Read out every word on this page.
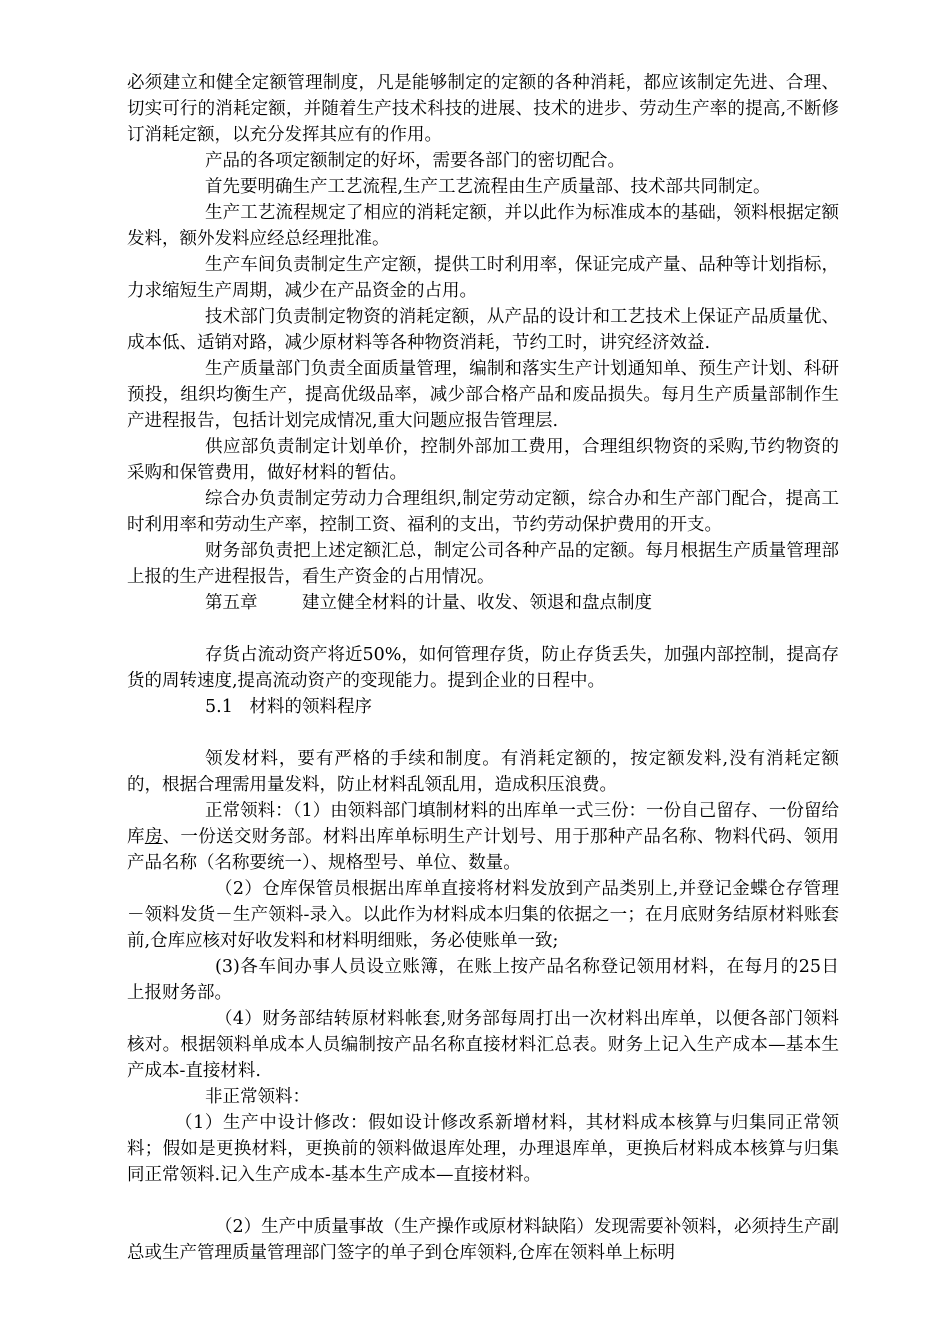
必须建立和健全定额管理制度，凡是能够制定的定额的各种消耗，都应该制定先进、合理、切实可行的消耗定额，并随着生产技术科技的进展、技术的进步、劳动生产率的提高,不断修订消耗定额，以充分发挥其应有的作用。

产品的各项定额制定的好坏，需要各部门的密切配合。

首先要明确生产工艺流程,生产工艺流程由生产质量部、技术部共同制定。

生产工艺流程规定了相应的消耗定额，并以此作为标准成本的基础，领料根据定额发料，额外发料应经总经理批准。

生产车间负责制定生产定额，提供工时利用率，保证完成产量、品种等计划指标，力求缩短生产周期，减少在产品资金的占用。

技术部门负责制定物资的消耗定额，从产品的设计和工艺技术上保证产品质量优、成本低、适销对路，减少原材料等各种物资消耗，节约工时，讲究经济效益.

生产质量部门负责全面质量管理，编制和落实生产计划通知单、预生产计划、科研预投，组织均衡生产，提高优级品率，减少部合格产品和废品损失。每月生产质量部制作生产进程报告，包括计划完成情况,重大问题应报告管理层.

供应部负责制定计划单价，控制外部加工费用，合理组织物资的采购,节约物资的采购和保管费用，做好材料的暂估。

综合办负责制定劳动力合理组织,制定劳动定额，综合办和生产部门配合，提高工时利用率和劳动生产率，控制工资、福利的支出，节约劳动保护费用的开支。

财务部负责把上述定额汇总，制定公司各种产品的定额。每月根据生产质量管理部上报的生产进程报告，看生产资金的占用情况。

第五章	建立健全材料的计量、收发、领退和盘点制度

存货占流动资产将近50%，如何管理存货，防止存货丢失，加强内部控制，提高存货的周转速度,提高流动资产的变现能力。提到企业的日程中。

5.1 材料的领料程序

领发材料，要有严格的手续和制度。有消耗定额的，按定额发料,没有消耗定额的，根据合理需用量发料，防止材料乱领乱用，造成积压浪费。

正常领料：（1）由领料部门填制材料的出库单一式三份：一份自己留存、一份留给库房、一份送交财务部。材料出库单标明生产计划号、用于那种产品名称、物料代码、领用产品名称（名称要统一）、规格型号、单位、数量。

（2）仓库保管员根据出库单直接将材料发放到产品类别上,并登记金蝶仓存管理－领料发货－生产领料-录入。以此作为材料成本归集的依据之一；在月底财务结原材料账套前,仓库应核对好收发料和材料明细账，务必使账单一致;

(3)各车间办事人员设立账簿，在账上按产品名称登记领用材料，在每月的25日上报财务部。

（4）财务部结转原材料帐套,财务部每周打出一次材料出库单，以便各部门领料核对。根据领料单成本人员编制按产品名称直接材料汇总表。财务上记入生产成本—基本生产成本-直接材料.

非正常领料：

（1）生产中设计修改：假如设计修改系新增材料，其材料成本核算与归集同正常领料；假如是更换材料，更换前的领料做退库处理，办理退库单，更换后材料成本核算与归集同正常领料.记入生产成本-基本生产成本—直接材料。

（2）生产中质量事故（生产操作或原材料缺陷）发现需要补领料，必须持生产副总或生产管理质量管理部门签字的单子到仓库领料,仓库在领料单上标明
